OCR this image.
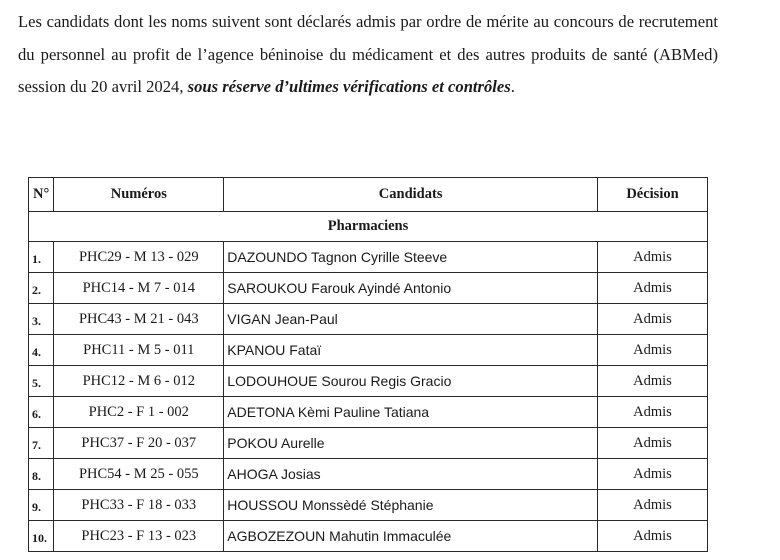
Les candidats dont les noms suivent sont déclarés admis par ordre de mérite au concours de recrutement du personnel au profit de l’agence béninoise du médicament et des autres produits de santé (ABMed) session du 20 avril 2024, sous réserve d’ultimes vérifications et contrôles.
N°	Numéros	Candidats	Décision
Pharmaciens			
1.	PHC29 - M 13 - 029	DAZOUNDO Tagnon Cyrille Steeve	Admis
2.	PHC14 - M 7 - 014	SAROUKOU Farouk Ayindé Antonio	Admis
3.	PHC43 - M 21 - 043	VIGAN Jean-Paul	Admis
4.	PHC11 - M 5 - 011	KPANOU Fataï	Admis
5.	PHC12 - M 6 - 012	LODOUHOUE Sourou Regis Gracio	Admis
6.	PHC2 - F 1 - 002	ADETONA Kèmi Pauline Tatiana	Admis
7.	PHC37 - F 20 - 037	POKOU Aurelle	Admis
8.	PHC54 - M 25 - 055	AHOGA Josias	Admis
9.	PHC33 - F 18 - 033	HOUSSOU Monssèdé Stéphanie	Admis
10.	PHC23 - F 13 - 023	AGBOZEZOUN Mahutin Immaculée	Admis
